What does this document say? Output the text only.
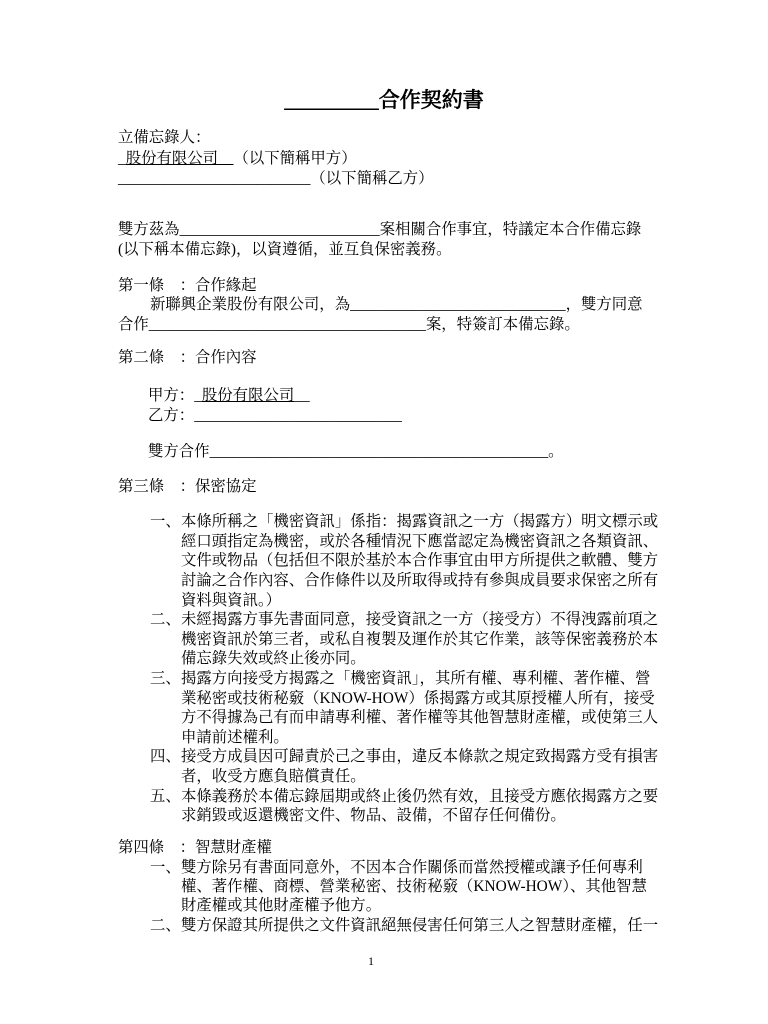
_________合作契約書
立備忘錄人：
_股份有限公司__（以下簡稱甲方）
_________________________（以下簡稱乙方）
雙方茲為__________________________案相關合作事宜，特議定本合作備忘錄
(以下稱本備忘錄)，以資遵循，並互負保密義務。
第一條　：合作緣起
新聯興企業股份有限公司，為____________________________，雙方同意
合作____________________________________案，特簽訂本備忘錄。
第二條　：合作內容
甲方：_股份有限公司__
乙方：___________________________
雙方合作____________________________________________。
第三條　：保密協定
一、 本條所稱之「機密資訊」係指：揭露資訊之一方（揭露方）明文標示或
經口頭指定為機密，或於各種情況下應當認定為機密資訊之各類資訊、
文件或物品（包括但不限於基於本合作事宜由甲方所提供之軟體、雙方
討論之合作內容、合作條件以及所取得或持有參與成員要求保密之所有
資料與資訊。）
二、 未經揭露方事先書面同意，接受資訊之一方（接受方）不得洩露前項之
機密資訊於第三者，或私自複製及運作於其它作業，該等保密義務於本
備忘錄失效或終止後亦同。
三、 揭露方向接受方揭露之「機密資訊」，其所有權、專利權、著作權、營
業秘密或技術秘竅（KNOW-HOW）係揭露方或其原授權人所有，接受
方不得據為己有而申請專利權、著作權等其他智慧財產權，或使第三人
申請前述權利。
四、 接受方成員因可歸責於己之事由，違反本條款之規定致揭露方受有損害
者，收受方應負賠償責任。
五、 本條義務於本備忘錄屆期或終止後仍然有效，且接受方應依揭露方之要
求銷毀或返還機密文件、物品、設備，不留存任何備份。
第四條　：智慧財產權
一、 雙方除另有書面同意外，不因本合作關係而當然授權或讓予任何專利
權、著作權、商標、營業秘密、技術秘竅（KNOW-HOW）、其他智慧
財產權或其他財產權予他方。
二、 雙方保證其所提供之文件資訊絕無侵害任何第三人之智慧財產權，任一
1
